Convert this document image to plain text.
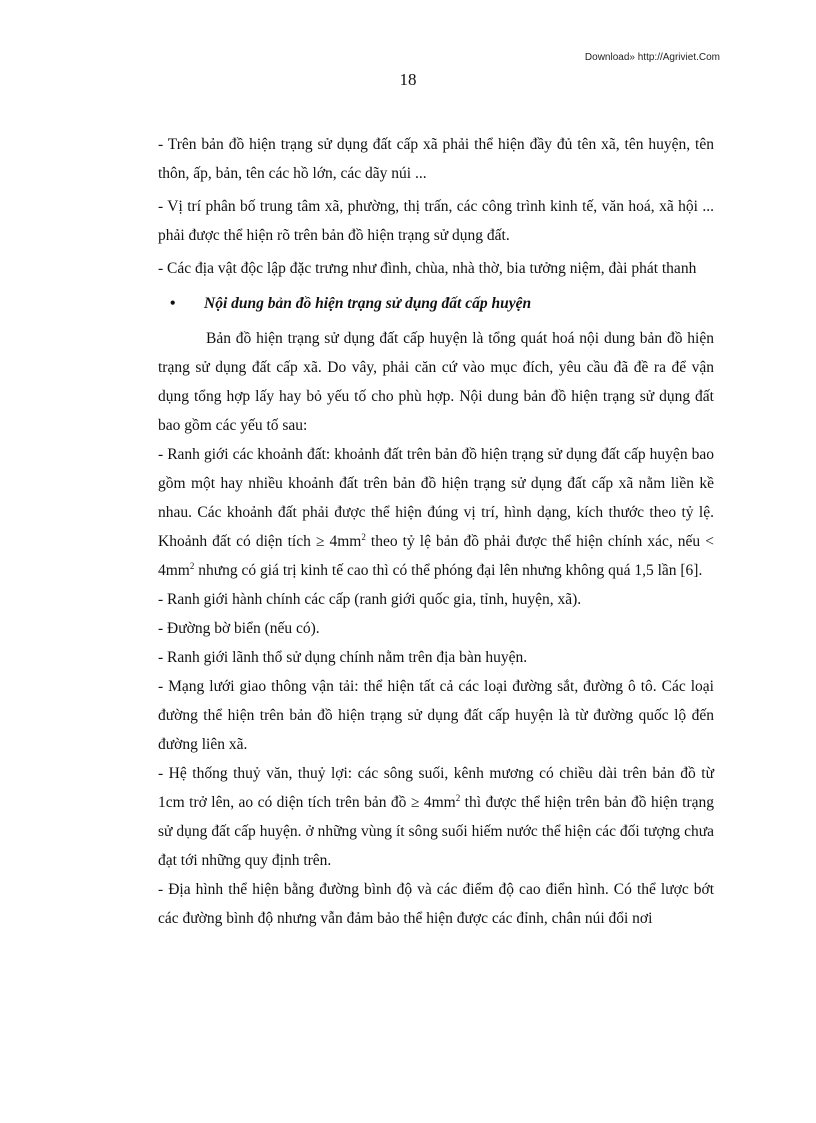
Download» http://Agriviet.Com
18

- Trên bản đồ hiện trạng sử dụng đất cấp xã phải thể hiện đầy đủ tên xã, tên huyện, tên thôn, ấp, bản, tên các hồ lớn, các dãy núi ...

- Vị trí phân bố trung tâm xã, phường, thị trấn, các công trình kinh tế, văn hoá, xã hội ... phải được thể hiện rõ trên bản đồ hiện trạng sử dụng đất.

- Các địa vật độc lập đặc trưng như đình, chùa, nhà thờ, bia tưởng niệm, đài phát thanh

• Nội dung bản đồ hiện trạng sử dụng đất cấp huyện

Bản đồ hiện trạng sử dụng đất cấp huyện là tổng quát hoá nội dung bản đồ hiện trạng sử dụng đất cấp xã. Do vây, phải căn cứ vào mục đích, yêu cầu đã đề ra để vận dụng tổng hợp lấy hay bỏ yếu tố cho phù hợp. Nội dung bản đồ hiện trạng sử dụng đất bao gồm các yếu tố sau:

- Ranh giới các khoảnh đất: khoảnh đất trên bản đồ hiện trạng sử dụng đất cấp huyện bao gồm một hay nhiều khoảnh đất trên bản đồ hiện trạng sử dụng đất cấp xã nằm liền kề nhau. Các khoảnh đất phải được thể hiện đúng vị trí, hình dạng, kích thước theo tỷ lệ. Khoảnh đất có diện tích ≥ $4mm^2$ theo tỷ lệ bản đồ phải được thể hiện chính xác, nếu < $4mm^2$ nhưng có giá trị kinh tế cao thì có thể phóng đại lên nhưng không quá 1,5 lần [6].

- Ranh giới hành chính các cấp (ranh giới quốc gia, tỉnh, huyện, xã).

- Đường bờ biển (nếu có).

- Ranh giới lãnh thổ sử dụng chính nằm trên địa bàn huyện.

- Mạng lưới giao thông vận tải: thể hiện tất cả các loại đường sắt, đường ô tô. Các loại đường thể hiện trên bản đồ hiện trạng sử dụng đất cấp huyện là từ đường quốc lộ đến đường liên xã.

- Hệ thống thuỷ văn, thuỷ lợi: các sông suối, kênh mương có chiều dài trên bản đồ từ 1cm trở lên, ao có diện tích trên bản đồ ≥ $4mm^2$ thì được thể hiện trên bản đồ hiện trạng sử dụng đất cấp huyện. ở những vùng ít sông suối hiếm nước thể hiện các đối tượng chưa đạt tới những quy định trên.

- Địa hình thể hiện bằng đường bình độ và các điểm độ cao điển hình. Có thể lược bớt các đường bình độ nhưng vẫn đảm bảo thể hiện được các đỉnh, chân núi đổi nơi
